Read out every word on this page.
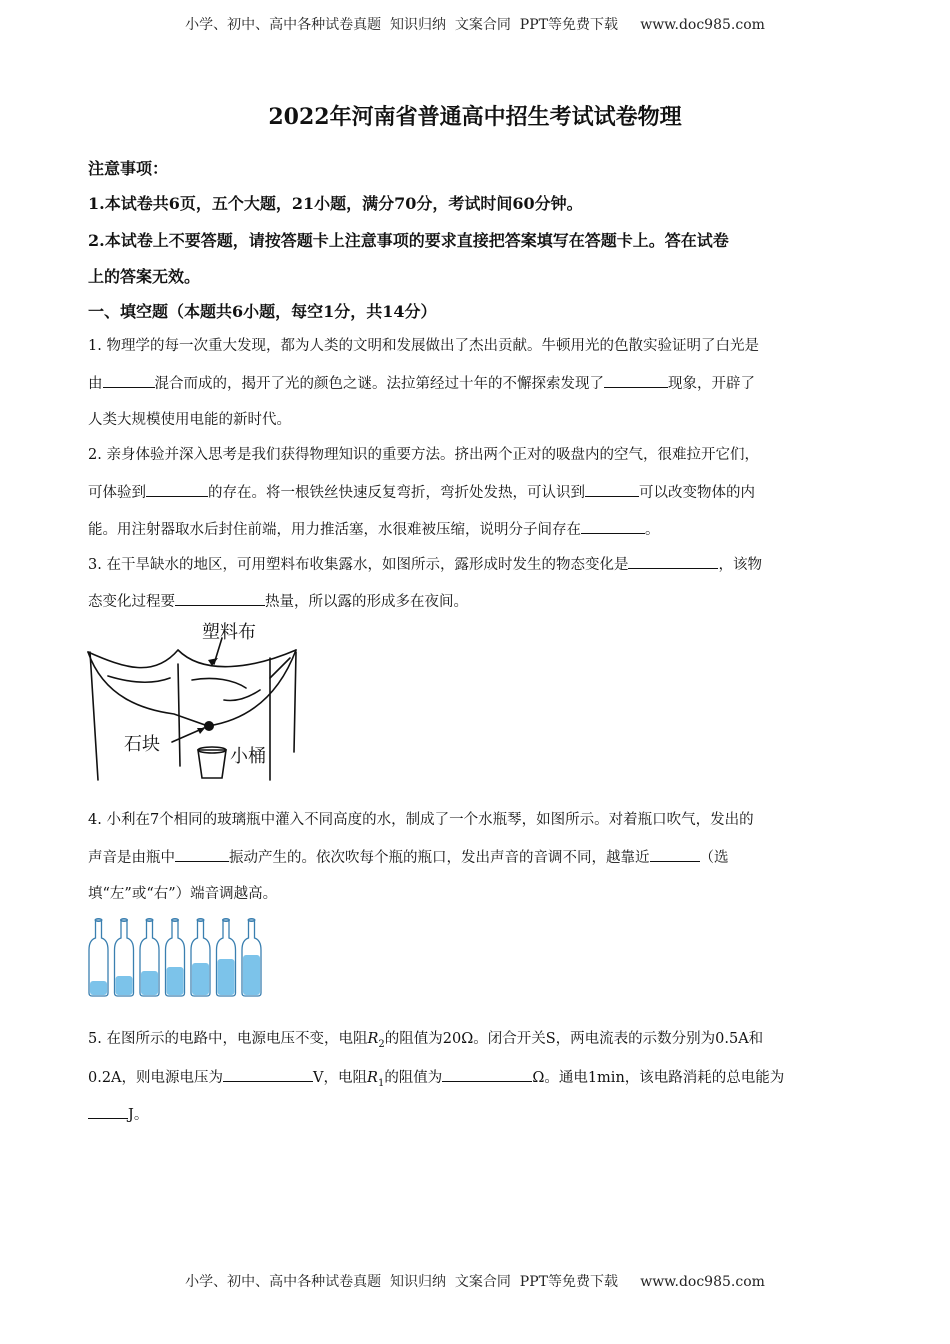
小学、初中、高中各种试卷真题  知识归纳  文案合同  PPT等免费下载     www.doc985.com
2022年河南省普通高中招生考试试卷物理
注意事项：
1.本试卷共6页，五个大题，21小题，满分70分，考试时间60分钟。
2.本试卷上不要答题，请按答题卡上注意事项的要求直接把答案填写在答题卡上。答在试卷
上的答案无效。
一、填空题（本题共6小题，每空1分，共14分）
1. 物理学的每一次重大发现，都为人类的文明和发展做出了杰出贡献。牛顿用光的色散实验证明了白光是
由	混合而成的，揭开了光的颜色之谜。法拉第经过十年的不懈探索发现了	现象，开辟了
人类大规模使用电能的新时代。
2. 亲身体验并深入思考是我们获得物理知识的重要方法。挤出两个正对的吸盘内的空气，很难拉开它们，
可体验到	的存在。将一根铁丝快速反复弯折，弯折处发热，可认识到	可以改变物体的内
能。用注射器取水后封住前端，用力推活塞，水很难被压缩，说明分子间存在	。
3. 在干旱缺水的地区，可用塑料布收集露水，如图所示，露形成时发生的物态变化是	，该物
态变化过程要	热量，所以露的形成多在夜间。
塑料布
石块
小桶
4. 小利在7个相同的玻璃瓶中灌入不同高度的水，制成了一个水瓶琴，如图所示。对着瓶口吹气，发出的
声音是由瓶中	振动产生的。依次吹每个瓶的瓶口，发出声音的音调不同，越靠近	（选
填“左”或“右”）端音调越高。
5. 在图所示的电路中，电源电压不变，电阻$R_2$的阻值为20Ω。闭合开关S，两电流表的示数分别为0.5A和
0.2A，则电源电压为	V，电阻$R_1$的阻值为	Ω。通电1min，该电路消耗的总电能为
J。
小学、初中、高中各种试卷真题  知识归纳  文案合同  PPT等免费下载     www.doc985.com
